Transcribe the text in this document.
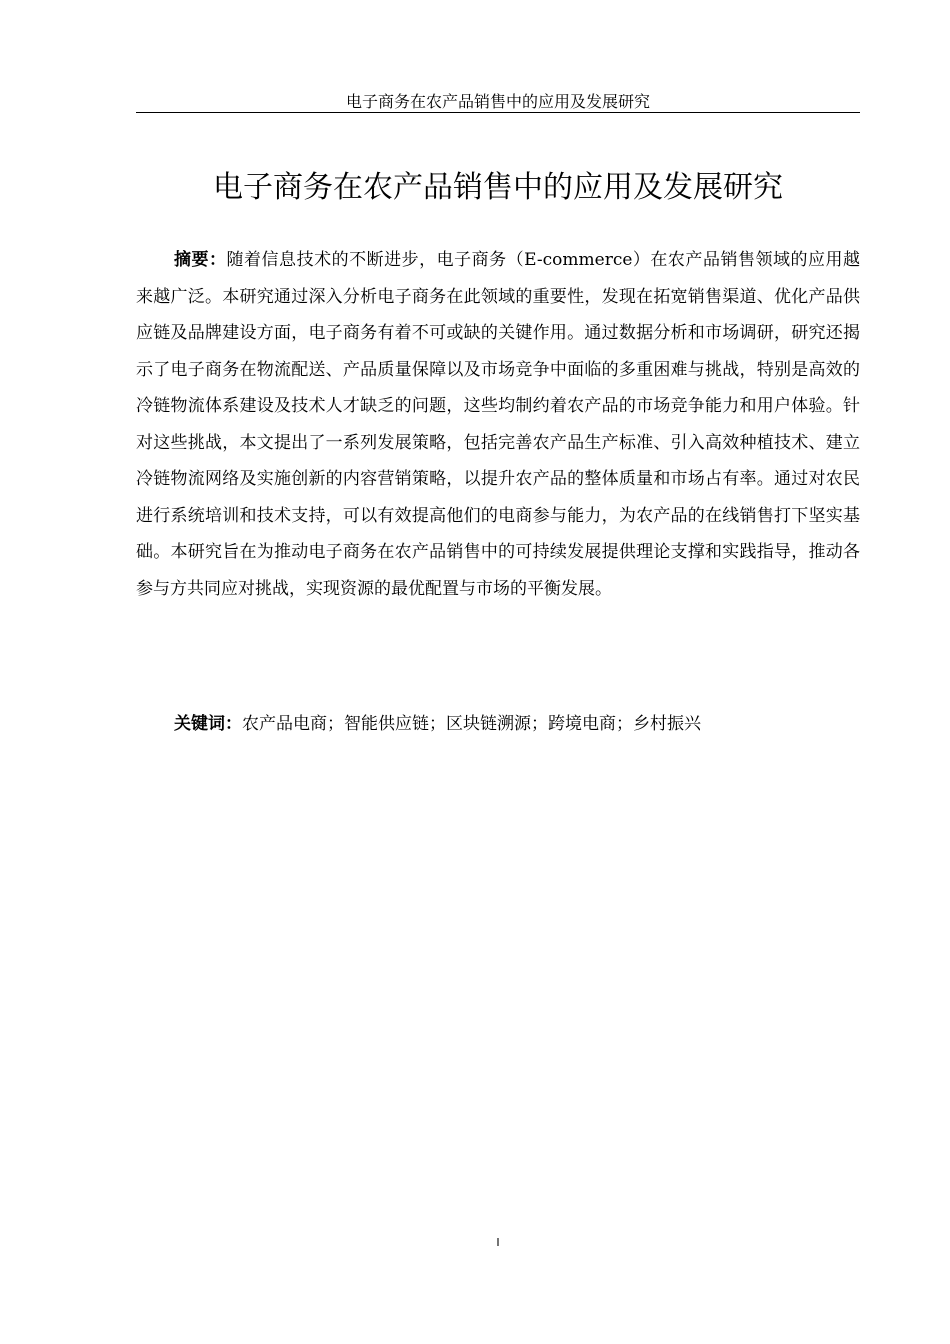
电子商务在农产品销售中的应用及发展研究
电子商务在农产品销售中的应用及发展研究

摘要：随着信息技术的不断进步，电子商务（E-commerce）在农产品销售领域的应用越来越广泛。本研究通过深入分析电子商务在此领域的重要性，发现在拓宽销售渠道、优化产品供应链及品牌建设方面，电子商务有着不可或缺的关键作用。通过数据分析和市场调研，研究还揭示了电子商务在物流配送、产品质量保障以及市场竞争中面临的多重困难与挑战，特别是高效的冷链物流体系建设及技术人才缺乏的问题，这些均制约着农产品的市场竞争能力和用户体验。针对这些挑战，本文提出了一系列发展策略，包括完善农产品生产标准、引入高效种植技术、建立冷链物流网络及实施创新的内容营销策略，以提升农产品的整体质量和市场占有率。通过对农民进行系统培训和技术支持，可以有效提高他们的电商参与能力，为农产品的在线销售打下坚实基础。本研究旨在为推动电子商务在农产品销售中的可持续发展提供理论支撑和实践指导，推动各参与方共同应对挑战，实现资源的最优配置与市场的平衡发展。

关键词：农产品电商；智能供应链；区块链溯源；跨境电商；乡村振兴

I
